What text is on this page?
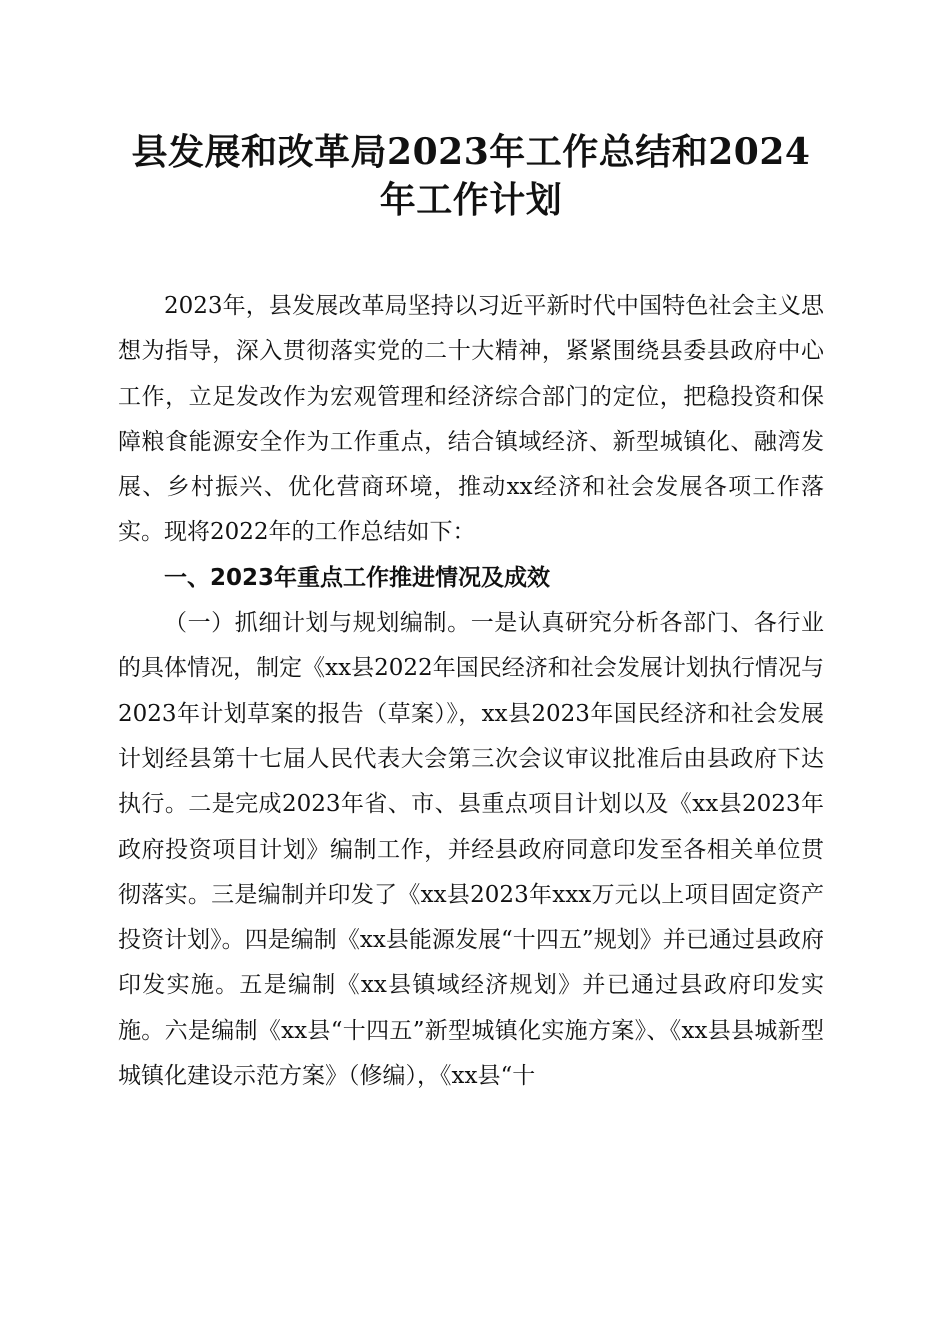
县发展和改革局2023年工作总结和2024年工作计划

2023年，县发展改革局坚持以习近平新时代中国特色社会主义思想为指导，深入贯彻落实党的二十大精神，紧紧围绕县委县政府中心工作，立足发改作为宏观管理和经济综合部门的定位，把稳投资和保障粮食能源安全作为工作重点，结合镇域经济、新型城镇化、融湾发展、乡村振兴、优化营商环境，推动xx经济和社会发展各项工作落实。现将2022年的工作总结如下：

一、2023年重点工作推进情况及成效

（一）抓细计划与规划编制。一是认真研究分析各部门、各行业的具体情况，制定《xx县2022年国民经济和社会发展计划执行情况与2023年计划草案的报告（草案）》，xx县2023年国民经济和社会发展计划经县第十七届人民代表大会第三次会议审议批准后由县政府下达执行。二是完成2023年省、市、县重点项目计划以及《xx县2023年政府投资项目计划》编制工作，并经县政府同意印发至各相关单位贯彻落实。三是编制并印发了《xx县2023年xxx万元以上项目固定资产投资计划》。四是编制《xx县能源发展“十四五”规划》并已通过县政府印发实施。五是编制《xx县镇域经济规划》并已通过县政府印发实施。六是编制《xx县“十四五”新型城镇化实施方案》、《xx县县城新型城镇化建设示范方案》（修编），《xx县“十
